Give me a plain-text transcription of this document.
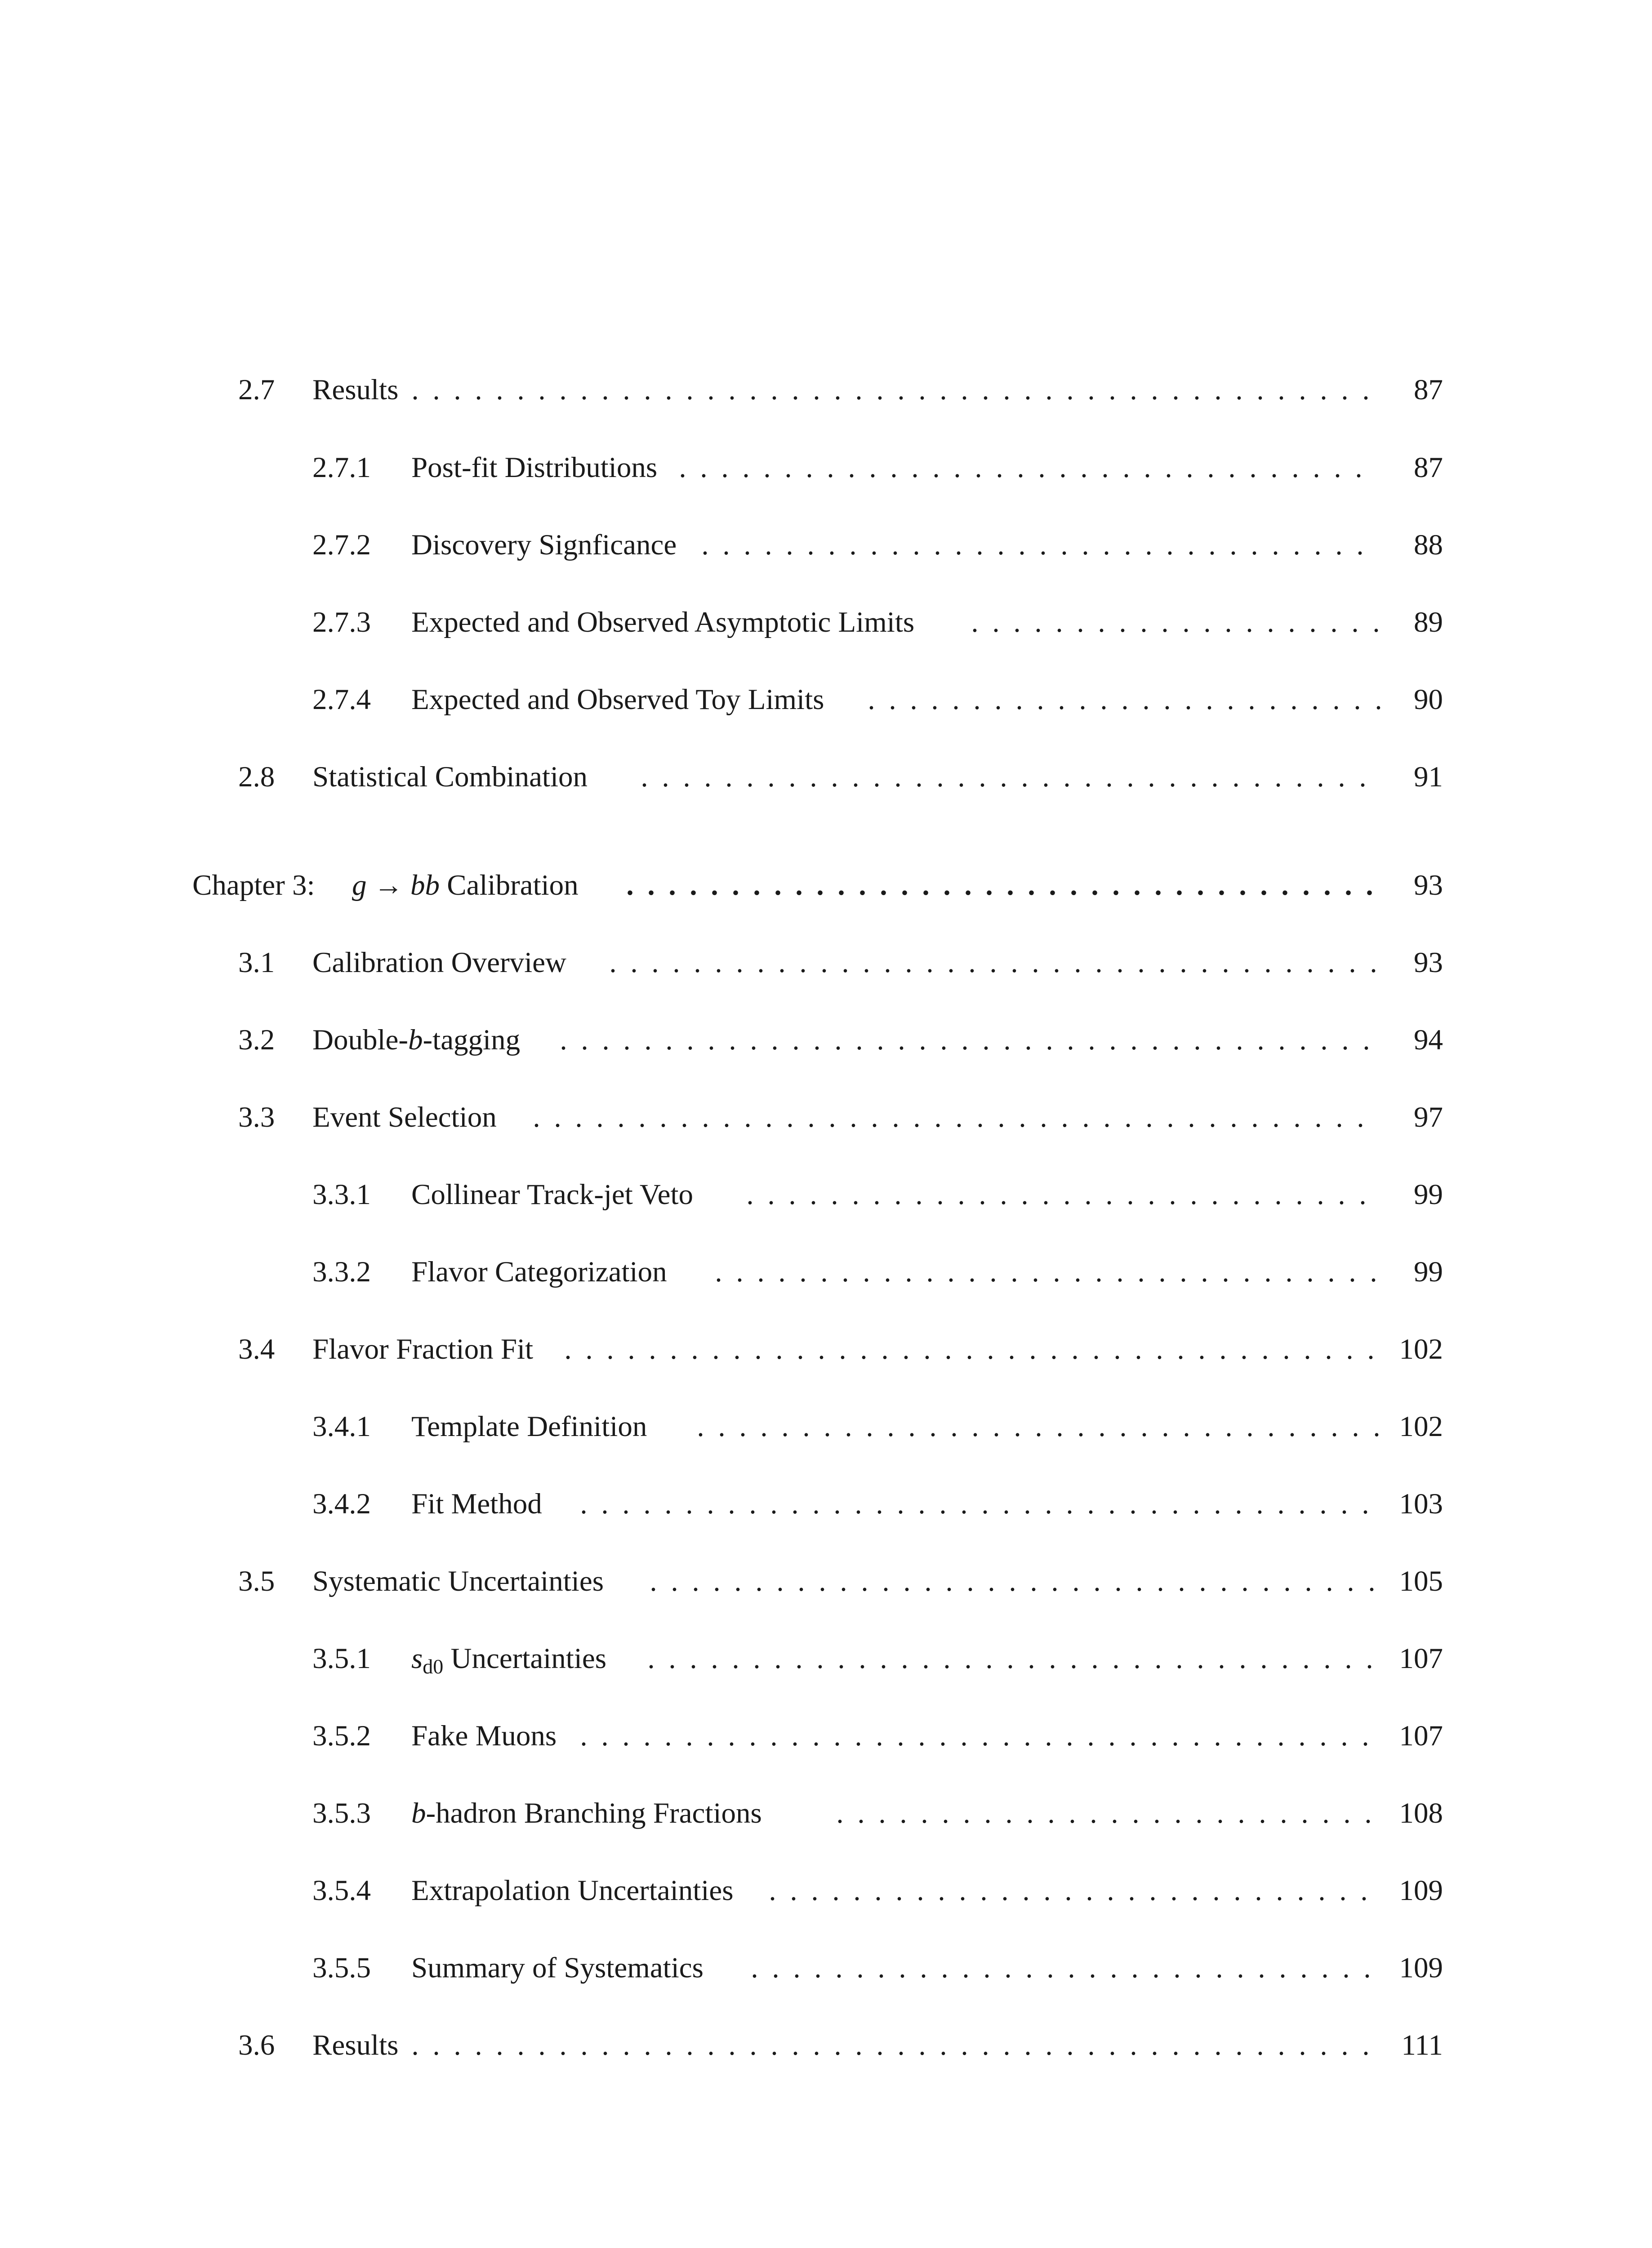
2.7 Results . . . . . . . . . . . . . . . . . . . . . . . . . . . . . . . . . . . . . . . . . . . . . .	87
2.7.1 Post-fit Distributions . . . . . . . . . . . . . . . . . . . . . . . . . . . . . . . . .	87
2.7.2 Discovery Signficance . . . . . . . . . . . . . . . . . . . . . . . . . . . . . . . .	88
2.7.3 Expected and Observed Asymptotic Limits . . . . . . . . . . . . . . . . . . . .	89
2.7.4 Expected and Observed Toy Limits . . . . . . . . . . . . . . . . . . . . . . . . . 90
2.8 Statistical Combination . . . . . . . . . . . . . . . . . . . . . . . . . . . . . . . . . . .	91
Chapter 3: g → bb Calibration . . . . . . . . . . . . . . . . . . . . . . . . . . . . . . . . . . . .	93
3.1 Calibration Overview . . . . . . . . . . . . . . . . . . . . . . . . . . . . . . . . . . . . .	93
3.2 Double-b-tagging . . . . . . . . . . . . . . . . . . . . . . . . . . . . . . . . . . . . . . .	94
3.3 Event Selection . . . . . . . . . . . . . . . . . . . . . . . . . . . . . . . . . . . . . . . .	97
3.3.1 Collinear Track-jet Veto . . . . . . . . . . . . . . . . . . . . . . . . . . . . . .	99
3.3.2 Flavor Categorization . . . . . . . . . . . . . . . . . . . . . . . . . . . . . . . .	99
3.4 Flavor Fraction Fit . . . . . . . . . . . . . . . . . . . . . . . . . . . . . . . . . . . . . . . 102
3.4.1 Template Definition . . . . . . . . . . . . . . . . . . . . . . . . . . . . . . . . . 102
3.4.2 Fit Method . . . . . . . . . . . . . . . . . . . . . . . . . . . . . . . . . . . . . .	103
3.5 Systematic Uncertainties . . . . . . . . . . . . . . . . . . . . . . . . . . . . . . . . . . . 105
3.5.1 $s_{d0}$ Uncertainties . . . . . . . . . . . . . . . . . . . . . . . . . . . . . . . . . . . 107
3.5.2 Fake Muons . . . . . . . . . . . . . . . . . . . . . . . . . . . . . . . . . . . . . .	107
3.5.3 b-hadron Branching Fractions	. . . . . . . . . . . . . . . . . . . . . . . . . . 108
3.5.4 Extrapolation Uncertainties . . . . . . . . . . . . . . . . . . . . . . . . . . . . .	109
3.5.5 Summary of Systematics . . . . . . . . . . . . . . . . . . . . . . . . . . . . . . 109
3.6 Results . . . . . . . . . . . . . . . . . . . . . . . . . . . . . . . . . . . . . . . . . . . . . .	111
